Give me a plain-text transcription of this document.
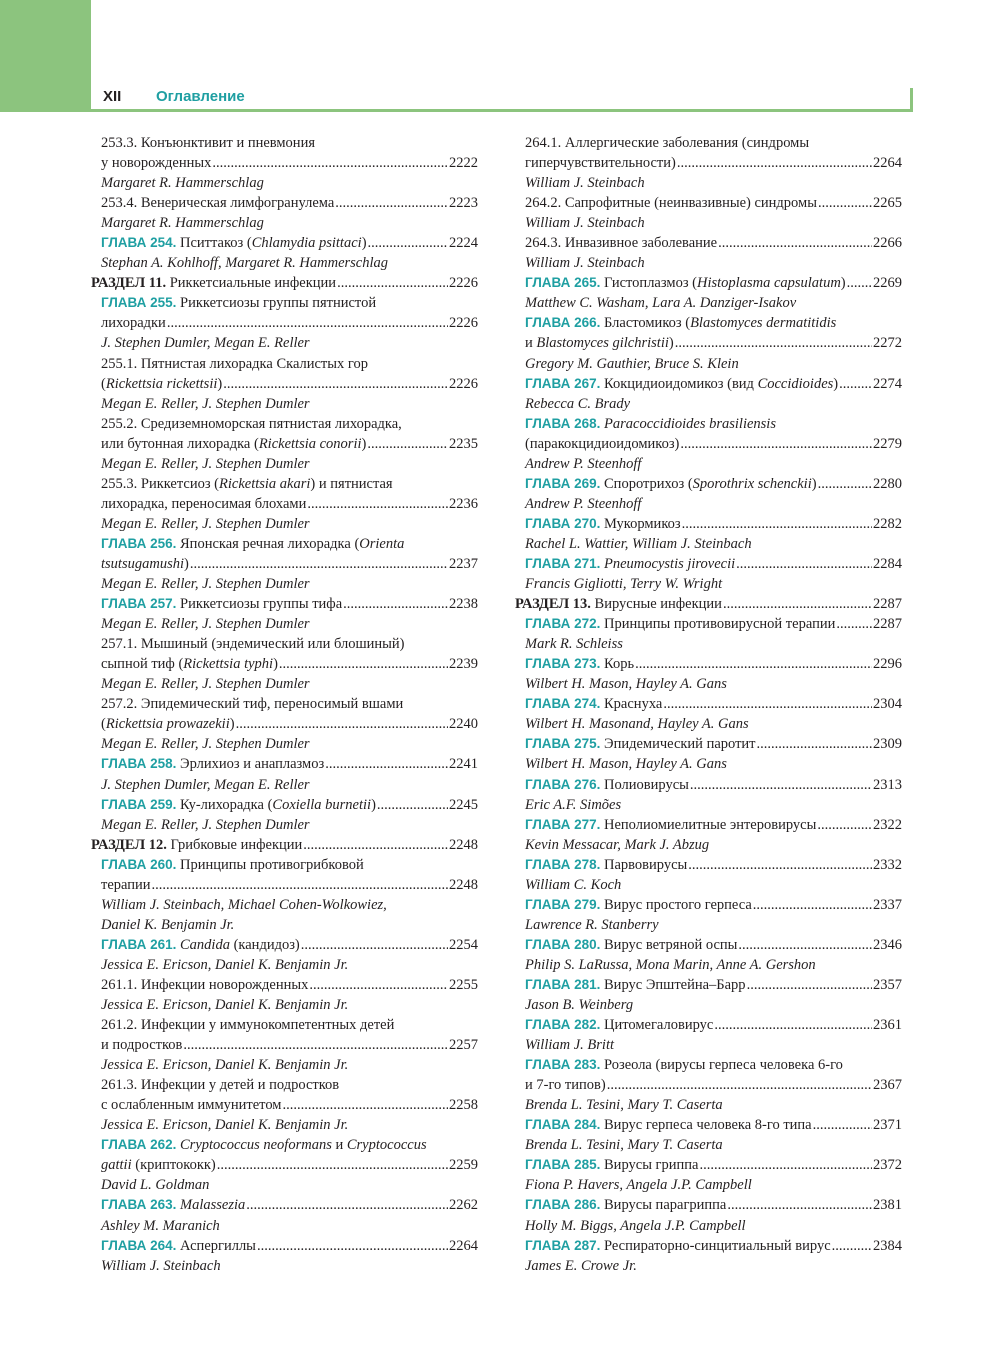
XII Оглавление
253.3. Конъюнктивит и пневмония
у новорожденных .....	2222
Margaret R. Hammerschlag
253.4. Венерическая лимфогранулема .....	2223
Margaret R. Hammerschlag
ГЛАВА 254. Пситтакоз (Chlamydia psittaci) .....	2224
Stephan A. Kohlhoff, Margaret R. Hammerschlag
РАЗДЕЛ 11. Риккетсиальные инфекции .....	2226
ГЛАВА 255. Риккетсиозы группы пятнистой
лихорадки .....	2226
J. Stephen Dumler, Megan E. Reller
255.1. Пятнистая лихорадка Скалистых гор
(Rickettsia rickettsii) .....	2226
Megan E. Reller, J. Stephen Dumler
255.2. Средиземноморская пятнистая лихорадка,
или бутонная лихорадка (Rickettsia conorii) .....	2235
Megan E. Reller, J. Stephen Dumler
255.3. Риккетсиоз (Rickettsia akari) и пятнистая
лихорадка, переносимая блохами .....	2236
Megan E. Reller, J. Stephen Dumler
ГЛАВА 256. Японская речная лихорадка (Orienta
tsutsugamushi) .....	2237
Megan E. Reller, J. Stephen Dumler
ГЛАВА 257. Риккетсиозы группы тифа .....	2238
Megan E. Reller, J. Stephen Dumler
257.1. Мышиный (эндемический или блошиный)
сыпной тиф (Rickettsia typhi) .....	2239
Megan E. Reller, J. Stephen Dumler
257.2. Эпидемический тиф, переносимый вшами
(Rickettsia prowazekii) .....	2240
Megan E. Reller, J. Stephen Dumler
ГЛАВА 258. Эрлихиоз и анаплазмоз .....	2241
J. Stephen Dumler, Megan E. Reller
ГЛАВА 259. Ку-лихорадка (Coxiella burnetii) .....	2245
Megan E. Reller, J. Stephen Dumler
РАЗДЕЛ 12. Грибковые инфекции .....	2248
ГЛАВА 260. Принципы противогрибковой
терапии .....	2248
William J. Steinbach, Michael Cohen-Wolkowiez,
Daniel K. Benjamin Jr.
ГЛАВА 261. Candida (кандидоз) .....	2254
Jessica E. Ericson, Daniel K. Benjamin Jr.
261.1. Инфекции новорожденных .....	2255
Jessica E. Ericson, Daniel K. Benjamin Jr.
261.2. Инфекции у иммунокомпетентных детей
и подростков .....	2257
Jessica E. Ericson, Daniel K. Benjamin Jr.
261.3. Инфекции у детей и подростков
с ослабленным иммунитетом .....	2258
Jessica E. Ericson, Daniel K. Benjamin Jr.
ГЛАВА 262. Cryptococcus neoformans и Cryptococcus
gattii (криптококк) .....	2259
David L. Goldman
ГЛАВА 263. Malassezia .....	2262
Ashley M. Maranich
ГЛАВА 264. Аспергиллы .....	2264
William J. Steinbach
264.1. Аллергические заболевания (синдромы
гиперчувствительности) .....	2264
William J. Steinbach
264.2. Сапрофитные (неинвазивные) синдромы .....	2265
William J. Steinbach
264.3. Инвазивное заболевание .....	2266
William J. Steinbach
ГЛАВА 265. Гистоплазмоз (Histoplasma capsulatum) ..... 2269
Matthew C. Washam, Lara A. Danziger-Isakov
ГЛАВА 266. Бластомикоз (Blastomyces dermatitidis
и Blastomyces gilchristii) .....	2272
Gregory M. Gauthier, Bruce S. Klein
ГЛАВА 267. Кокцидиоидомикоз (вид Coccidioides) ..... 2274
Rebecca C. Brady
ГЛАВА 268. Paracoccidioides brasiliensis
(паракокцидиоидомикоз) .....	2279
Andrew P. Steenhoff
ГЛАВА 269. Споротрихоз (Sporothrix schenckii) .....	2280
Andrew P. Steenhoff
ГЛАВА 270. Мукормикоз .....	2282
Rachel L. Wattier, William J. Steinbach
ГЛАВА 271. Pneumocystis jirovecii .....	2284
Francis Gigliotti, Terry W. Wright
РАЗДЕЛ 13. Вирусные инфекции .....	2287
ГЛАВА 272. Принципы противовирусной терапии .....	2287
Mark R. Schleiss
ГЛАВА 273. Корь .....	2296
Wilbert H. Mason, Hayley A. Gans
ГЛАВА 274. Краснуха .....	2304
Wilbert H. Masonand, Hayley A. Gans
ГЛАВА 275. Эпидемический паротит .....	2309
Wilbert H. Mason, Hayley A. Gans
ГЛАВА 276. Полиовирусы .....	2313
Eric A.F. Simões
ГЛАВА 277. Неполиомиелитные энтеровирусы .....	2322
Kevin Messacar, Mark J. Abzug
ГЛАВА 278. Парвовирусы .....	2332
William C. Koch
ГЛАВА 279. Вирус простого герпеса .....	2337
Lawrence R. Stanberry
ГЛАВА 280. Вирус ветряной оспы .....	2346
Philip S. LaRussa, Mona Marin, Anne A. Gershon
ГЛАВА 281. Вирус Эпштейна–Барр .....	2357
Jason B. Weinberg
ГЛАВА 282. Цитомегаловирус .....	2361
William J. Britt
ГЛАВА 283. Розеола (вирусы герпеса человека 6-го
и 7-го типов) .....	2367
Brenda L. Tesini, Mary T. Caserta
ГЛАВА 284. Вирус герпеса человека 8-го типа .....	2371
Brenda L. Tesini, Mary T. Caserta
ГЛАВА 285. Вирусы гриппа .....	2372
Fiona P. Havers, Angela J.P. Campbell
ГЛАВА 286. Вирусы парагриппа .....	2381
Holly M. Biggs, Angela J.P. Campbell
ГЛАВА 287. Респираторно-синцитиальный вирус .....	2384
James E. Crowe Jr.
